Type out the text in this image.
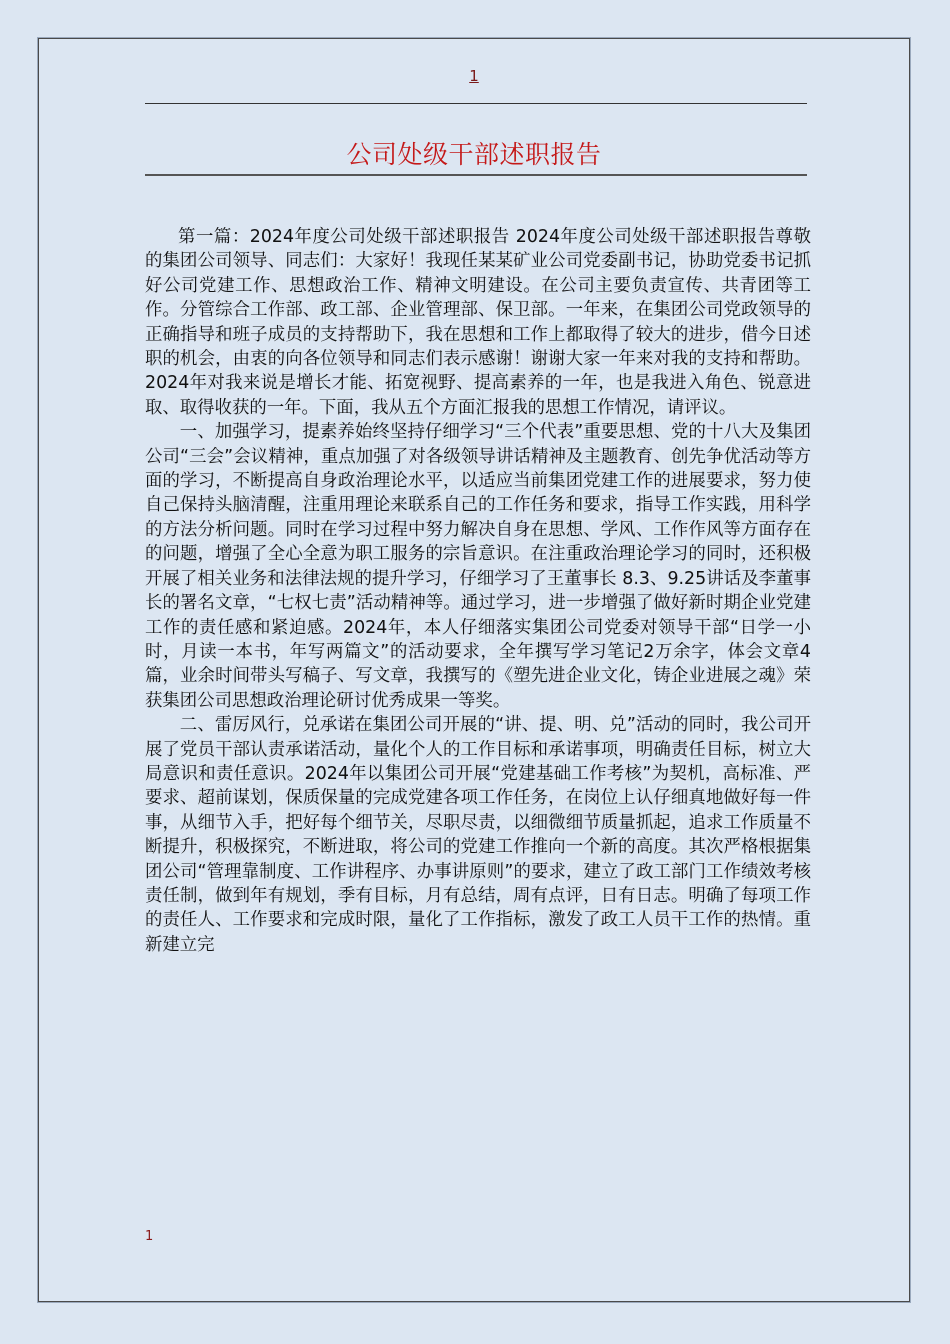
1
公司处级干部述职报告

第一篇：2024年度公司处级干部述职报告 2024年度公司处级干部述职报告尊敬的集团公司领导、同志们：大家好！我现任某某矿业公司党委副书记，协助党委书记抓好公司党建工作、思想政治工作、精神文明建设。在公司主要负责宣传、共青团等工作。分管综合工作部、政工部、企业管理部、保卫部。一年来，在集团公司党政领导的正确指导和班子成员的支持帮助下，我在思想和工作上都取得了较大的进步，借今日述职的机会，由衷的向各位领导和同志们表示感谢！谢谢大家一年来对我的支持和帮助。2024年对我来说是增长才能、拓宽视野、提高素养的一年，也是我进入角色、锐意进取、取得收获的一年。下面，我从五个方面汇报我的思想工作情况，请评议。

一、加强学习，提素养始终坚持仔细学习“三个代表”重要思想、党的十八大及集团公司“三会”会议精神，重点加强了对各级领导讲话精神及主题教育、创先争优活动等方面的学习，不断提高自身政治理论水平，以适应当前集团党建工作的进展要求，努力使自己保持头脑清醒，注重用理论来联系自己的工作任务和要求，指导工作实践，用科学的方法分析问题。同时在学习过程中努力解决自身在思想、学风、工作作风等方面存在的问题，增强了全心全意为职工服务的宗旨意识。在注重政治理论学习的同时，还积极开展了相关业务和法律法规的提升学习，仔细学习了王董事长 8.3、9.25讲话及李董事长的署名文章，“七权七责”活动精神等。通过学习，进一步增强了做好新时期企业党建工作的责任感和紧迫感。2024年，本人仔细落实集团公司党委对领导干部“日学一小时，月读一本书，年写两篇文”的活动要求，全年撰写学习笔记2万余字，体会文章4篇，业余时间带头写稿子、写文章，我撰写的《塑先进企业文化，铸企业进展之魂》荣获集团公司思想政治理论研讨优秀成果一等奖。

二、雷厉风行，兑承诺在集团公司开展的“讲、提、明、兑”活动的同时，我公司开展了党员干部认责承诺活动，量化个人的工作目标和承诺事项，明确责任目标，树立大局意识和责任意识。2024年以集团公司开展“党建基础工作考核”为契机，高标准、严要求、超前谋划，保质保量的完成党建各项工作任务，在岗位上认仔细真地做好每一件事，从细节入手，把好每个细节关，尽职尽责，以细微细节质量抓起，追求工作质量不断提升，积极探究，不断进取，将公司的党建工作推向一个新的高度。其次严格根据集团公司“管理靠制度、工作讲程序、办事讲原则”的要求，建立了政工部门工作绩效考核责任制，做到年有规划，季有目标，月有总结，周有点评，日有日志。明确了每项工作的责任人、工作要求和完成时限，量化了工作指标，激发了政工人员干工作的热情。重新建立完

1
